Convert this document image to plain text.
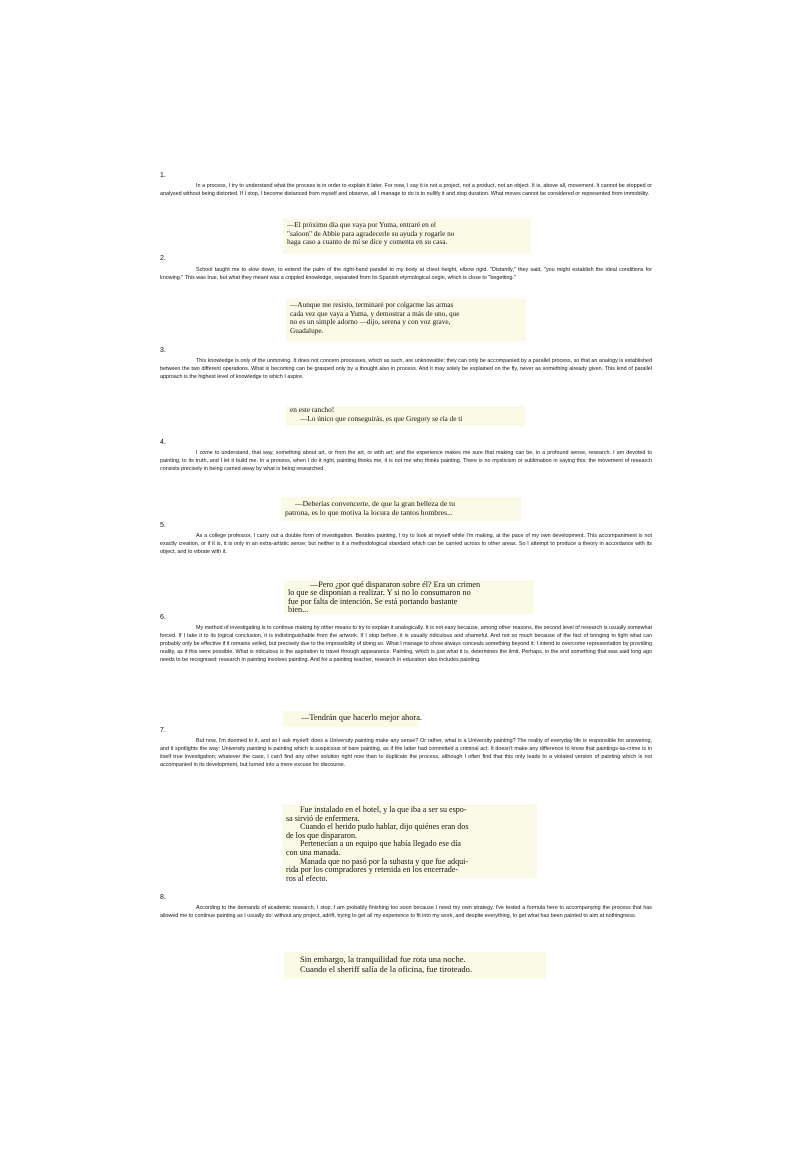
1.

In a process, I try to understand what the process is in order to explain it later. For now, I say it is not a project, not a product, not an object. It is, above all, movement. It cannot be stopped or analysed without being distorted. If I stop, I become distanced from myself and observe, all I manage to do is to nullify it and stop duration. What moves cannot be considered or represented from immobility.

—El próximo día que vaya por Yuma, entraré en el
"saloon" de Abbie para agradecerle su ayuda y rogarle no
haga caso a cuanto de mí se dice y comenta en su casa.
2.

School taught me to slow down, to extend the palm of the right-hand parallel to my body at chest height, elbow rigid. "Distantly," they said, "you might establish the ideal conditions for knowing." This was true, but what they meant was a crippled knowledge, separated from its Spanish etymological origin, which is close to "begetting."

—Aunque me resisto, terminaré por colgarme las armas
cada vez que vaya a Yuma, y demostrar a más de uno, que
no es un simple adorno —dijo, serena y con voz grave,
Guadalupe.
3.

This knowledge is only of the unmoving. It does not concern processes, which as such, are unknowable; they can only be accompanied by a parallel process, so that an analogy is established between the two different operations. What is becoming can be grasped only by a thought also in process. And it may solely be explained on the fly, never as something already given. This kind of parallel approach is the highest level of knowledge to which I aspire.

en este rancho!
—Lo único que conseguirás, es que Gregory se ría de ti
4.

I come to understand, that way, something about art, or from the art, or with art; and the experience makes me sure that making can be, in a profound sense, research. I am devoted to painting, to its truth, and I let it build me. In a process, when I do it right, painting thinks me, it is not me who thinks painting. There is no mysticism or sublimation in saying this; the movement of research consists precisely in being carried away by what is being researched.

—Deberías convencerte, de que la gran belleza de tu
patrona, es lo que motiva la locura de tantos hombres...
5.

As a college professor, I carry out a double form of investigation. Besides painting, I try to look at myself while I'm making, at the pace of my own development. This accompaniment is not exactly creation, or if it is, it is only in an extra-artistic sense; but neither is it a methodological standard which can be carried across to other areas. So I attempt to produce a theory in accordance with its object, and to vibrate with it.

—Pero ¿por qué dispararon sobre él? Era un crimen
lo que se disponían a realizar. Y si no lo consumaron no
fue por falta de intención. Se está portando bastante
bien...
6.

My method of investigating is to continue making by other means to try to explain it analogically. It is not easy because, among other reasons, the second level of research is usually somewhat forced. If I take it to its logical conclusion, it is indistinguishable from the artwork. If I stop before, it is usually ridiculous and shameful. And not so much because of the fact of bringing to light what can probably only be effective if it remains veiled, but precisely due to the impossibility of doing so. What I manage to show always conceals something beyond it: I intend to overcome representation by providing reality, as if this were possible. What is ridiculous is the aspiration to travel through appearance. Painting, which is just what it is, determines the limit. Perhaps, in the end something that was said long ago needs to be recognised: research in painting involves painting. And for a painting teacher, research in education also includes painting.

—Tendrán que hacerlo mejor ahora.
7.

But now, I'm doomed to it, and so I ask myself: does a University painting make any sense? Or rather, what is a University painting? The reality of everyday life is responsible for answering, and it spotlights the way: University painting is painting which is suspicious of bare painting, as if the latter had committed a criminal act. It doesn't make any difference to know that paintings-as-crime is in itself true investigation; whatever the case, I can't find any other solution right now than to duplicate the process, although I often find that this only leads to a violated version of painting which is not accompanied in its development, but turned into a mere excuse for discourse.

Fue instalado en el hotel, y la que iba a ser su espo-
sa sirvió de enfermera.
Cuando el herido pudo hablar, dijo quiénes eran dos
de los que dispararon.
Pertenecían a un equipo que había llegado ese día
con una manada.
Manada que no pasó por la subasta y que fue adqui-
rida por los compradores y retenida en los encerrade-
ros al efecto.
8.

According to the demands of academic research, I stop. I am probably finishing too soon because I need my own strategy. I've tested a formula here to accompanying the process that has allowed me to continue painting as I usually do: without any project, adrift, trying to get all my experience to fit into my work, and despite everything, to get what has been painted to aim at nothingness.

Sin embargo, la tranquilidad fue rota una noche.
Cuando el sheriff salía de la oficina, fue tiroteado.
